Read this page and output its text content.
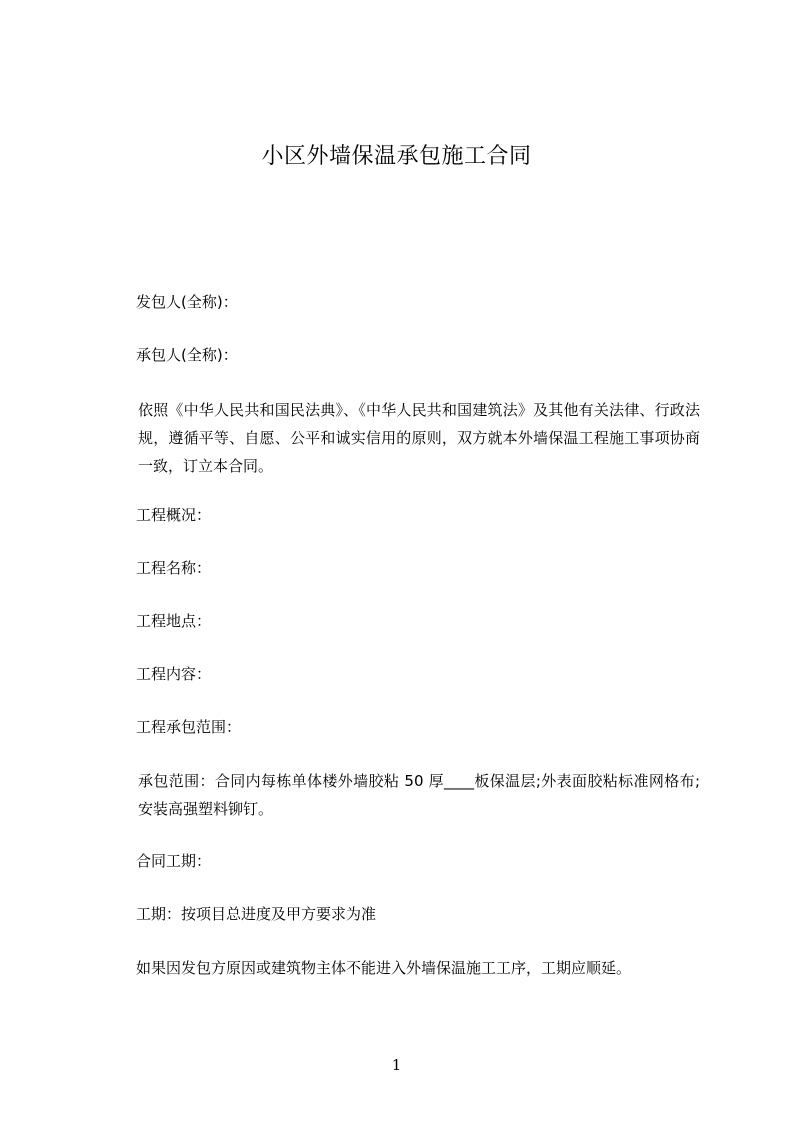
小区外墙保温承包施工合同
发包人(全称)：
承包人(全称)：
依照《中华人民共和国民法典》、《中华人民共和国建筑法》及其他有关法律、行政法规，遵循平等、自愿、公平和诚实信用的原则，双方就本外墙保温工程施工事项协商一致，订立本合同。
工程概况：
工程名称：
工程地点：
工程内容：
工程承包范围：
承包范围：合同内每栋单体楼外墙胶粘 50 厚____板保温层;外表面胶粘标准网格布;安装高强塑料铆钉。
合同工期：
工期：按项目总进度及甲方要求为准
如果因发包方原因或建筑物主体不能进入外墙保温施工工序，工期应顺延。
1
